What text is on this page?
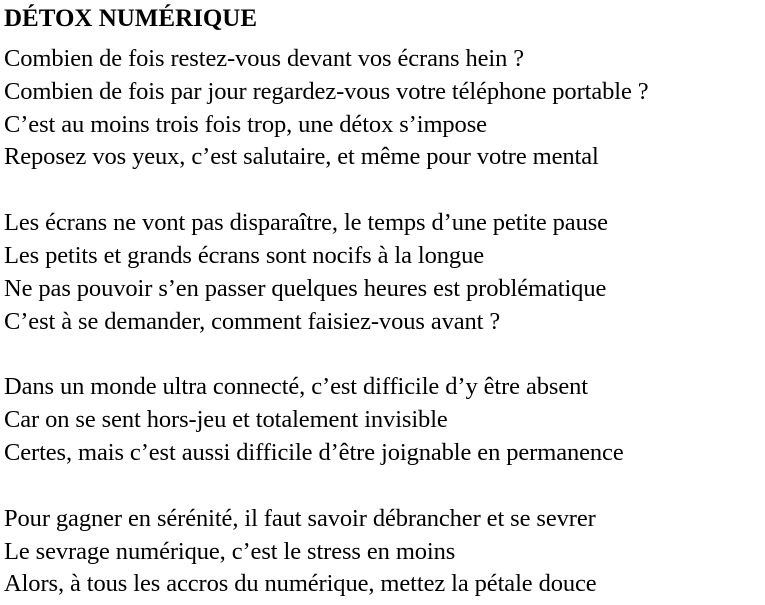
DÉTOX NUMÉRIQUE
Combien de fois restez-vous devant vos écrans hein ?
Combien de fois par jour regardez-vous votre téléphone portable ?
C’est au moins trois fois trop, une détox s’impose
Reposez vos yeux, c’est salutaire, et même pour votre mental
Les écrans ne vont pas disparaître, le temps d’une petite pause
Les petits et grands écrans sont nocifs à la longue
Ne pas pouvoir s’en passer quelques heures est problématique
C’est à se demander, comment faisiez-vous avant ?
Dans un monde ultra connecté, c’est difficile d’y être absent
Car on se sent hors-jeu et totalement invisible
Certes, mais c’est aussi difficile d’être joignable en permanence
Pour gagner en sérénité, il faut savoir débrancher et se sevrer
Le sevrage numérique, c’est le stress en moins
Alors, à tous les accros du numérique, mettez la pétale douce
